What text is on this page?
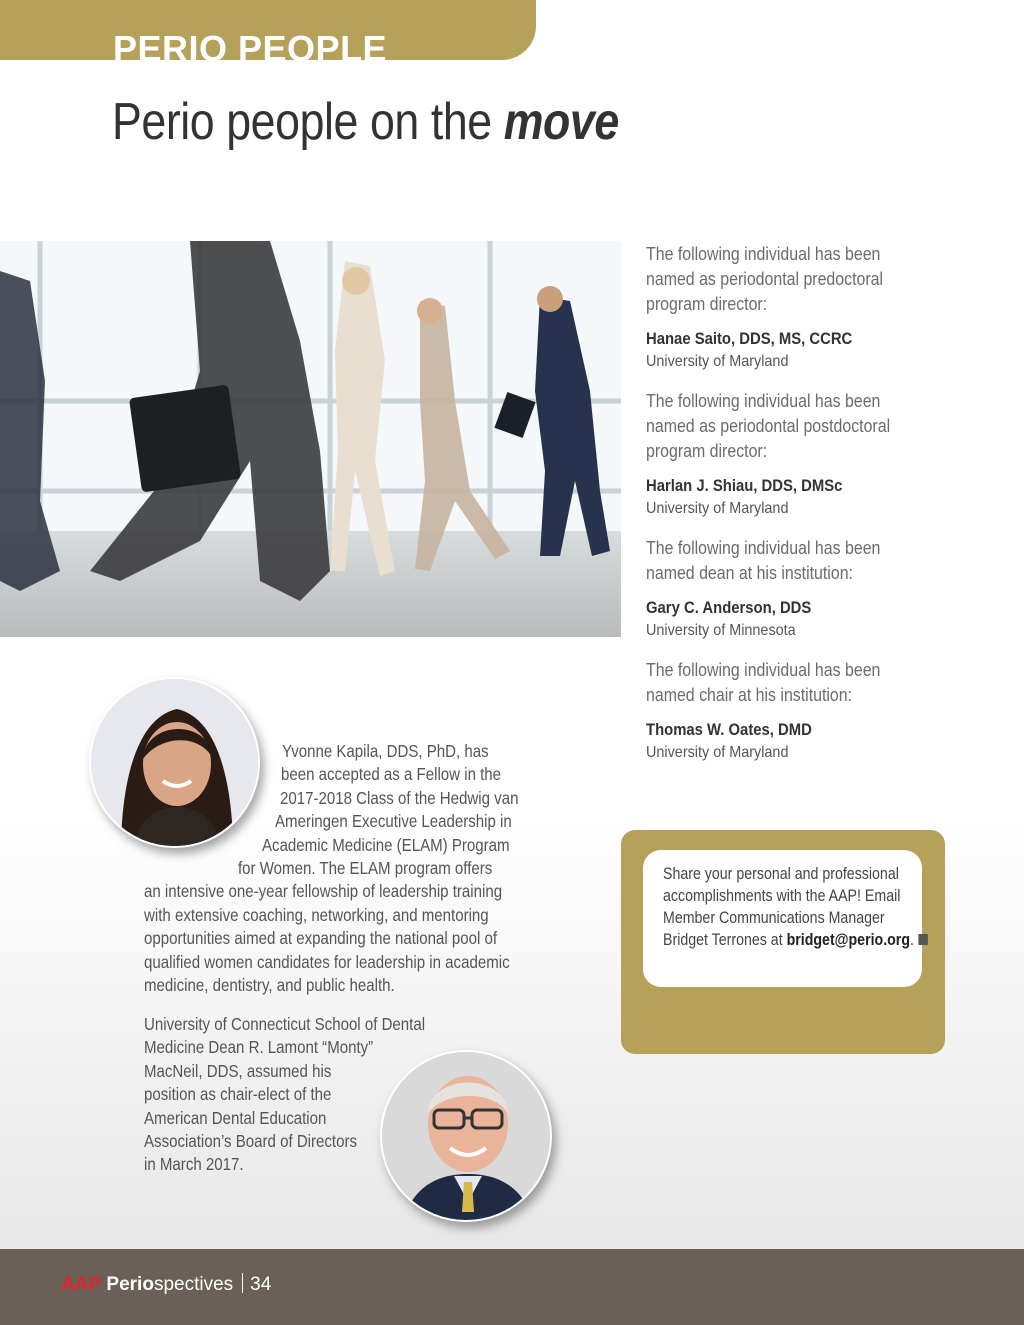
PERIO PEOPLE
Perio people on the move

The following individual has been named as periodontal predoctoral program director:

Hanae Saito, DDS, MS, CCRC
University of Maryland

The following individual has been named as periodontal postdoctoral program director:

Harlan J. Shiau, DDS, DMSc
University of Maryland

The following individual has been named dean at his institution:

Gary C. Anderson, DDS
University of Minnesota

The following individual has been named chair at his institution:

Thomas W. Oates, DMD
University of Maryland

Share your personal and professional accomplishments with the AAP! Email Member Communications Manager Bridget Terrones at bridget@perio.org.

Yvonne Kapila, DDS, PhD, has
been accepted as a Fellow in the
2017-2018 Class of the Hedwig van
Ameringen Executive Leadership in
Academic Medicine (ELAM) Program
for Women. The ELAM program offers
an intensive one-year fellowship of leadership training
with extensive coaching, networking, and mentoring
opportunities aimed at expanding the national pool of
qualified women candidates for leadership in academic
medicine, dentistry, and public health.
University of Connecticut School of Dental
Medicine Dean R. Lamont “Monty”
MacNeil, DDS, assumed his
position as chair-elect of the
American Dental Education
Association’s Board of Directors
in March 2017.
AAP Periospectives 34
